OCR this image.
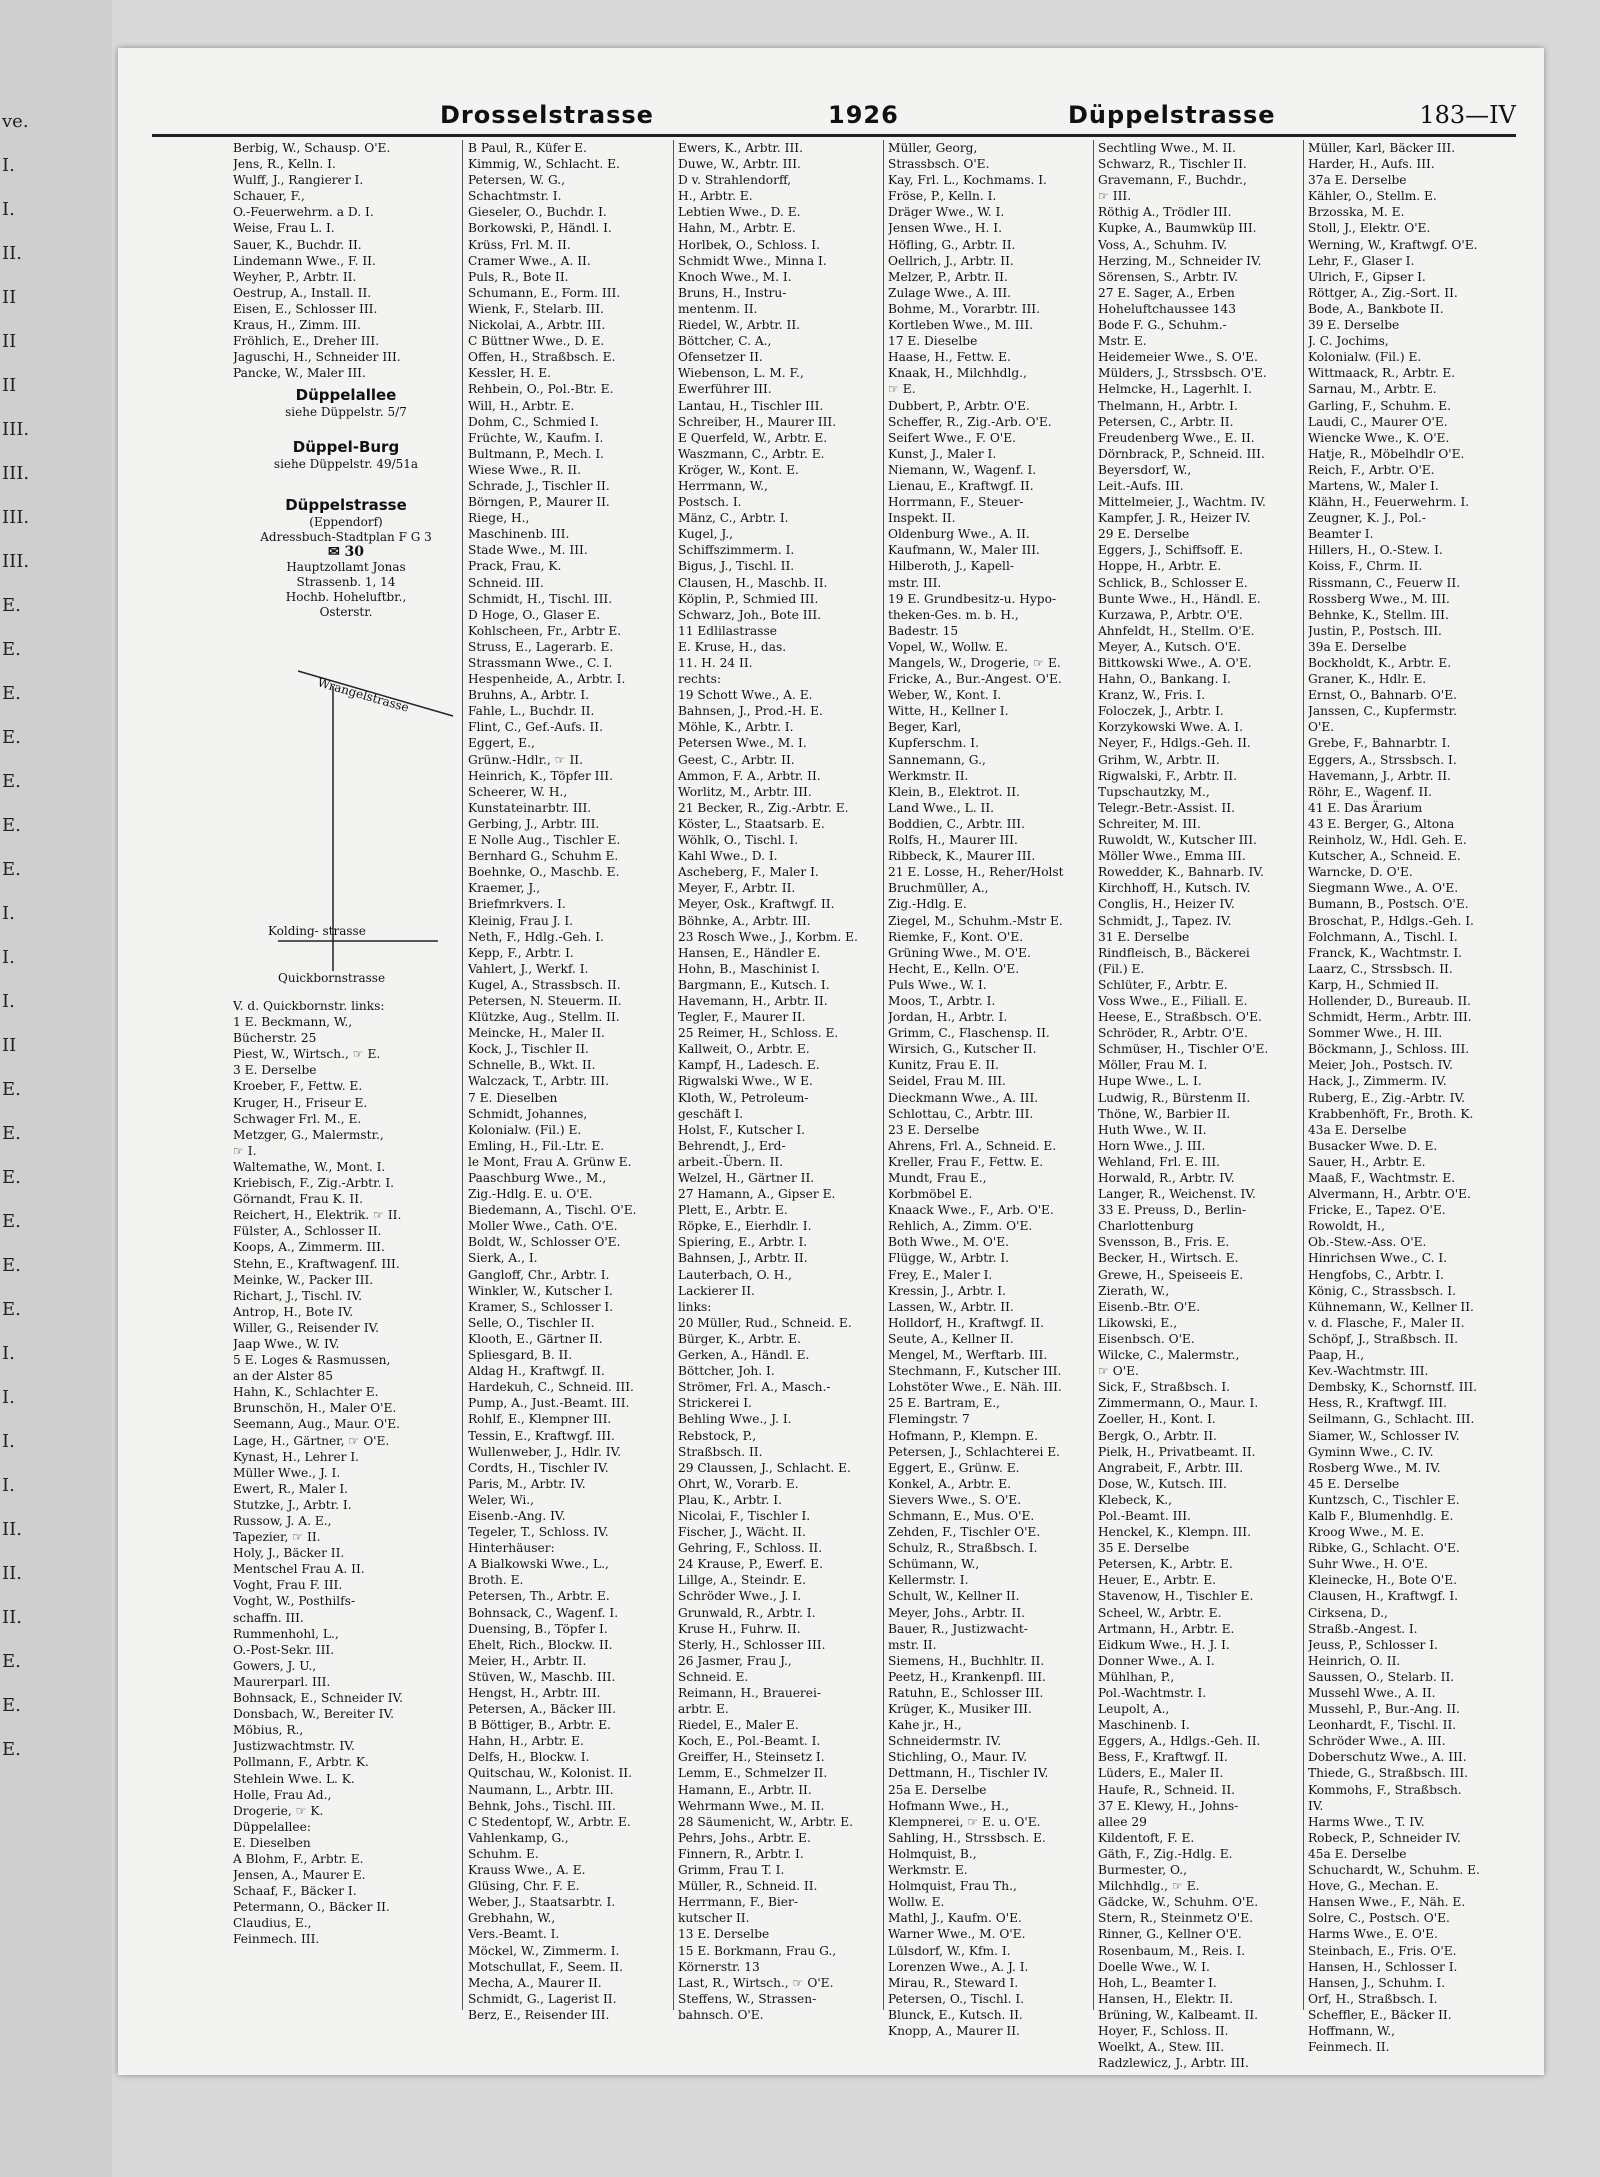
ve.
I.
I.
II.
II
II
II
III.
III.
III.
III.
E.
E.
E.
E.
E.
E.
E.
I.
I.
I.
II
E.
E.
E.
E.
E.
E.
I.
I.
I.
I.
II.
II.
II.
E.
E.
E.
Drosselstrasse	1926	Düppelstrasse	183—IV
Berbig, W., Schausp. O'E.
Jens, R., Kelln. I.
Wulff, J., Rangierer I.
Schauer, F.,
O.-Feuerwehrm. a D. I.
Weise, Frau L. I.
Sauer, K., Buchdr. II.
Lindemann Wwe., F. II.
Weyher, P., Arbtr. II.
Oestrup, A., Install. II.
Eisen, E., Schlosser III.
Kraus, H., Zimm. III.
Fröhlich, E., Dreher III.
Jaguschi, H., Schneider III.
Pancke, W., Maler III.
Düppelallee
siehe Düppelstr. 5/7
Düppel-Burg
siehe Düppelstr. 49/51a
Düppelstrasse
(Eppendorf)
Adressbuch-Stadtplan F G 3
✉ 30
Hauptzollamt Jonas
Strassenb. 1, 14
Hochb. Hoheluftbr.,
Osterstr.
Wrangelstrasse
Kolding- strasse
Quickbornstrasse
V. d. Quickbornstr. links:
1 E. Beckmann, W.,
Bücherstr. 25
Piest, W., Wirtsch., ☞ E.
3 E. Derselbe
Kroeber, F., Fettw. E.
Kruger, H., Friseur E.
Schwager Frl. M., E.
Metzger, G., Malermstr.,
☞ I.
Waltemathe, W., Mont. I.
Kriebisch, F., Zig.-Arbtr. I.
Görnandt, Frau K. II.
Reichert, H., Elektrik. ☞ II.
Fülster, A., Schlosser II.
Koops, A., Zimmerm. III.
Stehn, E., Kraftwagenf. III.
Meinke, W., Packer III.
Richart, J., Tischl. IV.
Antrop, H., Bote IV.
Willer, G., Reisender IV.
Jaap Wwe., W. IV.
5 E. Loges & Rasmussen,
an der Alster 85
Hahn, K., Schlachter E.
Brunschön, H., Maler O'E.
Seemann, Aug., Maur. O'E.
Lage, H., Gärtner, ☞ O'E.
Kynast, H., Lehrer I.
Müller Wwe., J. I.
Ewert, R., Maler I.
Stutzke, J., Arbtr. I.
Russow, J. A. E.,
Tapezier, ☞ II.
Holy, J., Bäcker II.
Mentschel Frau A. II.
Voght, Frau F. III.
Voght, W., Posthilfs-
schaffn. III.
Rummenhohl, L.,
O.-Post-Sekr. III.
Gowers, J. U.,
Maurerparl. III.
Bohnsack, E., Schneider IV.
Donsbach, W., Bereiter IV.
Möbius, R.,
Justizwachtmstr. IV.
Pollmann, F., Arbtr. K.
Stehlein Wwe. L. K.
Holle, Frau Ad.,
Drogerie, ☞ K.
Düppelallee:
E. Dieselben
A Blohm, F., Arbtr. E.
Jensen, A., Maurer E.
Schaaf, F., Bäcker I.
Petermann, O., Bäcker II.
Claudius, E.,
Feinmech. III.
B Paul, R., Küfer E.
Kimmig, W., Schlacht. E.
Petersen, W. G.,
Schachtmstr. I.
Gieseler, O., Buchdr. I.
Borkowski, P., Händl. I.
Krüss, Frl. M. II.
Cramer Wwe., A. II.
Puls, R., Bote II.
Schumann, E., Form. III.
Wienk, F., Stelarb. III.
Nickolai, A., Arbtr. III.
C Büttner Wwe., D. E.
Offen, H., Straßbsch. E.
Kessler, H. E.
Rehbein, O., Pol.-Btr. E.
Will, H., Arbtr. E.
Dohm, C., Schmied I.
Früchte, W., Kaufm. I.
Bultmann, P., Mech. I.
Wiese Wwe., R. II.
Schrade, J., Tischler II.
Börngen, P., Maurer II.
Riege, H.,
Maschinenb. III.
Stade Wwe., M. III.
Prack, Frau, K.
Schneid. III.
Schmidt, H., Tischl. III.
D Hoge, O., Glaser E.
Kohlscheen, Fr., Arbtr E.
Struss, E., Lagerarb. E.
Strassmann Wwe., C. I.
Hespenheide, A., Arbtr. I.
Bruhns, A., Arbtr. I.
Fahle, L., Buchdr. II.
Flint, C., Gef.-Aufs. II.
Eggert, E.,
Grünw.-Hdlr., ☞ II.
Heinrich, K., Töpfer III.
Scheerer, W. H.,
Kunstateinarbtr. III.
Gerbing, J., Arbtr. III.
E Nolle Aug., Tischler E.
Bernhard G., Schuhm E.
Boehnke, O., Maschb. E.
Kraemer, J.,
Briefmrkvers. I.
Kleinig, Frau J. I.
Neth, F., Hdlg.-Geh. I.
Kepp, F., Arbtr. I.
Vahlert, J., Werkf. I.
Kugel, A., Strassbsch. II.
Petersen, N. Steuerm. II.
Klützke, Aug., Stellm. II.
Meincke, H., Maler II.
Kock, J., Tischler II.
Schnelle, B., Wkt. II.
Walczack, T., Arbtr. III.
7 E. Dieselben
Schmidt, Johannes,
Kolonialw. (Fil.) E.
Emling, H., Fil.-Ltr. E.
le Mont, Frau A. Grünw E.
Paaschburg Wwe., M.,
Zig.-Hdlg. E. u. O'E.
Biedemann, A., Tischl. O'E.
Moller Wwe., Cath. O'E.
Boldt, W., Schlosser O'E.
Sierk, A., I.
Gangloff, Chr., Arbtr. I.
Winkler, W., Kutscher I.
Kramer, S., Schlosser I.
Selle, O., Tischler II.
Klooth, E., Gärtner II.
Spliesgard, B. II.
Aldag H., Kraftwgf. II.
Hardekuh, C., Schneid. III.
Pump, A., Just.-Beamt. III.
Rohlf, E., Klempner III.
Tessin, E., Kraftwgf. III.
Wullenweber, J., Hdlr. IV.
Cordts, H., Tischler IV.
Paris, M., Arbtr. IV.
Weler, Wi.,
Eisenb.-Ang. IV.
Tegeler, T., Schloss. IV.
Hinterhäuser:
A Bialkowski Wwe., L.,
Broth. E.
Petersen, Th., Arbtr. E.
Bohnsack, C., Wagenf. I.
Duensing, B., Töpfer I.
Ehelt, Rich., Blockw. II.
Meier, H., Arbtr. II.
Stüven, W., Maschb. III.
Hengst, H., Arbtr. III.
Petersen, A., Bäcker III.
B Böttiger, B., Arbtr. E.
Hahn, H., Arbtr. E.
Delfs, H., Blockw. I.
Quitschau, W., Kolonist. II.
Naumann, L., Arbtr. III.
Behnk, Johs., Tischl. III.
C Stedentopf, W., Arbtr. E.
Vahlenkamp, G.,
Schuhm. E.
Krauss Wwe., A. E.
Glüsing, Chr. F. E.
Weber, J., Staatsarbtr. I.
Grebhahn, W.,
Vers.-Beamt. I.
Möckel, W., Zimmerm. I.
Motschullat, F., Seem. II.
Mecha, A., Maurer II.
Schmidt, G., Lagerist II.
Berz, E., Reisender III.
Ewers, K., Arbtr. III.
Duwe, W., Arbtr. III.
D v. Strahlendorff,
H., Arbtr. E.
Lebtien Wwe., D. E.
Hahn, M., Arbtr. E.
Horlbek, O., Schloss. I.
Schmidt Wwe., Minna I.
Knoch Wwe., M. I.
Bruns, H., Instru-
mentenm. II.
Riedel, W., Arbtr. II.
Böttcher, C. A.,
Ofensetzer II.
Wiebenson, L. M. F.,
Ewerführer III.
Lantau, H., Tischler III.
Schreiber, H., Maurer III.
E Querfeld, W., Arbtr. E.
Waszmann, C., Arbtr. E.
Kröger, W., Kont. E.
Herrmann, W.,
Postsch. I.
Mänz, C., Arbtr. I.
Kugel, J.,
Schiffszimmerm. I.
Bigus, J., Tischl. II.
Clausen, H., Maschb. II.
Köplin, P., Schmied III.
Schwarz, Joh., Bote III.
11 Edlilastrasse
E. Kruse, H., das.
11. H. 24 II.
rechts:
19 Schott Wwe., A. E.
Bahnsen, J., Prod.-H. E.
Möhle, K., Arbtr. I.
Petersen Wwe., M. I.
Geest, C., Arbtr. II.
Ammon, F. A., Arbtr. II.
Worlitz, M., Arbtr. III.
21 Becker, R., Zig.-Arbtr. E.
Köster, L., Staatsarb. E.
Wöhlk, O., Tischl. I.
Kahl Wwe., D. I.
Ascheberg, F., Maler I.
Meyer, F., Arbtr. II.
Meyer, Osk., Kraftwgf. II.
Böhnke, A., Arbtr. III.
23 Rosch Wwe., J., Korbm. E.
Hansen, E., Händler E.
Hohn, B., Maschinist I.
Bargmann, E., Kutsch. I.
Havemann, H., Arbtr. II.
Tegler, F., Maurer II.
25 Reimer, H., Schloss. E.
Kallweit, O., Arbtr. E.
Kampf, H., Ladesch. E.
Rigwalski Wwe., W E.
Kloth, W., Petroleum-
geschäft I.
Holst, F., Kutscher I.
Behrendt, J., Erd-
arbeit.-Übern. II.
Welzel, H., Gärtner II.
27 Hamann, A., Gipser E.
Plett, E., Arbtr. E.
Röpke, E., Eierhdlr. I.
Spiering, E., Arbtr. I.
Bahnsen, J., Arbtr. II.
Lauterbach, O. H.,
Lackierer II.
links:
20 Müller, Rud., Schneid. E.
Bürger, K., Arbtr. E.
Gerken, A., Händl. E.
Böttcher, Joh. I.
Strömer, Frl. A., Masch.-
Strickerei I.
Behling Wwe., J. I.
Rebstock, P.,
Straßbsch. II.
29 Claussen, J., Schlacht. E.
Ohrt, W., Vorarb. E.
Plau, K., Arbtr. I.
Nicolai, F., Tischler I.
Fischer, J., Wächt. II.
Gehring, F., Schloss. II.
24 Krause, P., Ewerf. E.
Lillge, A., Steindr. E.
Schröder Wwe., J. I.
Grunwald, R., Arbtr. I.
Kruse H., Fuhrw. II.
Sterly, H., Schlosser III.
26 Jasmer, Frau J.,
Schneid. E.
Reimann, H., Brauerei-
arbtr. E.
Riedel, E., Maler E.
Koch, E., Pol.-Beamt. I.
Greiffer, H., Steinsetz I.
Lemm, E., Schmelzer II.
Hamann, E., Arbtr. II.
Wehrmann Wwe., M. II.
28 Säumenicht, W., Arbtr. E.
Pehrs, Johs., Arbtr. E.
Finnern, R., Arbtr. I.
Grimm, Frau T. I.
Müller, R., Schneid. II.
Herrmann, F., Bier-
kutscher II.
13 E. Derselbe
15 E. Borkmann, Frau G.,
Körnerstr. 13
Last, R., Wirtsch., ☞ O'E.
Steffens, W., Strassen-
bahnsch. O'E.
Müller, Georg,
Strassbsch. O'E.
Kay, Frl. L., Kochmams. I.
Fröse, P., Kelln. I.
Dräger Wwe., W. I.
Jensen Wwe., H. I.
Höfling, G., Arbtr. II.
Oellrich, J., Arbtr. II.
Melzer, P., Arbtr. II.
Zulage Wwe., A. III.
Bohme, M., Vorarbtr. III.
Kortleben Wwe., M. III.
17 E. Dieselbe
Haase, H., Fettw. E.
Knaak, H., Milchhdlg.,
☞ E.
Dubbert, P., Arbtr. O'E.
Scheffer, R., Zig.-Arb. O'E.
Seifert Wwe., F. O'E.
Kunst, J., Maler I.
Niemann, W., Wagenf. I.
Lienau, E., Kraftwgf. II.
Horrmann, F., Steuer-
Inspekt. II.
Oldenburg Wwe., A. II.
Kaufmann, W., Maler III.
Hilberoth, J., Kapell-
mstr. III.
19 E. Grundbesitz-u. Hypo-
theken-Ges. m. b. H.,
Badestr. 15
Vopel, W., Wollw. E.
Mangels, W., Drogerie, ☞ E.
Fricke, A., Bur.-Angest. O'E.
Weber, W., Kont. I.
Witte, H., Kellner I.
Beger, Karl,
Kupferschm. I.
Sannemann, G.,
Werkmstr. II.
Klein, B., Elektrot. II.
Land Wwe., L. II.
Boddien, C., Arbtr. III.
Rolfs, H., Maurer III.
Ribbeck, K., Maurer III.
21 E. Losse, H., Reher/Holst
Bruchmüller, A.,
Zig.-Hdlg. E.
Ziegel, M., Schuhm.-Mstr E.
Riemke, F., Kont. O'E.
Grüning Wwe., M. O'E.
Hecht, E., Kelln. O'E.
Puls Wwe., W. I.
Moos, T., Arbtr. I.
Jordan, H., Arbtr. I.
Grimm, C., Flaschensp. II.
Wirsich, G., Kutscher II.
Kunitz, Frau E. II.
Seidel, Frau M. III.
Dieckmann Wwe., A. III.
Schlottau, C., Arbtr. III.
23 E. Derselbe
Ahrens, Frl. A., Schneid. E.
Kreller, Frau F., Fettw. E.
Mundt, Frau E.,
Korbmöbel E.
Knaack Wwe., F., Arb. O'E.
Rehlich, A., Zimm. O'E.
Both Wwe., M. O'E.
Flügge, W., Arbtr. I.
Frey, E., Maler I.
Kressin, J., Arbtr. I.
Lassen, W., Arbtr. II.
Holldorf, H., Kraftwgf. II.
Seute, A., Kellner II.
Mengel, M., Werftarb. III.
Stechmann, F., Kutscher III.
Lohstöter Wwe., E. Näh. III.
25 E. Bartram, E.,
Flemingstr. 7
Hofmann, P., Klempn. E.
Petersen, J., Schlachterei E.
Eggert, E., Grünw. E.
Konkel, A., Arbtr. E.
Sievers Wwe., S. O'E.
Schmann, E., Mus. O'E.
Zehden, F., Tischler O'E.
Schulz, R., Straßbsch. I.
Schümann, W.,
Kellermstr. I.
Schult, W., Kellner II.
Meyer, Johs., Arbtr. II.
Bauer, R., Justizwacht-
mstr. II.
Siemens, H., Buchhltr. II.
Peetz, H., Krankenpfl. III.
Ratuhn, E., Schlosser III.
Krüger, K., Musiker III.
Kahe jr., H.,
Schneidermstr. IV.
Stichling, O., Maur. IV.
Dettmann, H., Tischler IV.
25a E. Derselbe
Hofmann Wwe., H.,
Klempnerei, ☞ E. u. O'E.
Sahling, H., Strssbsch. E.
Holmquist, B.,
Werkmstr. E.
Holmquist, Frau Th.,
Wollw. E.
Mathl, J., Kaufm. O'E.
Warner Wwe., M. O'E.
Lülsdorf, W., Kfm. I.
Lorenzen Wwe., A. J. I.
Mirau, R., Steward I.
Petersen, O., Tischl. I.
Blunck, E., Kutsch. II.
Knopp, A., Maurer II.
Sechtling Wwe., M. II.
Schwarz, R., Tischler II.
Gravemann, F., Buchdr.,
☞ III.
Röthig A., Trödler III.
Kupke, A., Baumwküp III.
Voss, A., Schuhm. IV.
Herzing, M., Schneider IV.
Sörensen, S., Arbtr. IV.
27 E. Sager, A., Erben
Hoheluftchaussee 143
Bode F. G., Schuhm.-
Mstr. E.
Heidemeier Wwe., S. O'E.
Mülders, J., Strssbsch. O'E.
Helmcke, H., Lagerhlt. I.
Thelmann, H., Arbtr. I.
Petersen, C., Arbtr. II.
Freudenberg Wwe., E. II.
Dörnbrack, P., Schneid. III.
Beyersdorf, W.,
Leit.-Aufs. III.
Mittelmeier, J., Wachtm. IV.
Kampfer, J. R., Heizer IV.
29 E. Derselbe
Eggers, J., Schiffsoff. E.
Hoppe, H., Arbtr. E.
Schlick, B., Schlosser E.
Bunte Wwe., H., Händl. E.
Kurzawa, P., Arbtr. O'E.
Ahnfeldt, H., Stellm. O'E.
Meyer, A., Kutsch. O'E.
Bittkowski Wwe., A. O'E.
Hahn, O., Bankang. I.
Kranz, W., Fris. I.
Foloczek, J., Arbtr. I.
Korzykowski Wwe. A. I.
Neyer, F., Hdlgs.-Geh. II.
Grihm, W., Arbtr. II.
Rigwalski, F., Arbtr. II.
Tupschautzky, M.,
Telegr.-Betr.-Assist. II.
Schreiter, M. III.
Ruwoldt, W., Kutscher III.
Möller Wwe., Emma III.
Rowedder, K., Bahnarb. IV.
Kirchhoff, H., Kutsch. IV.
Conglis, H., Heizer IV.
Schmidt, J., Tapez. IV.
31 E. Derselbe
Rindfleisch, B., Bäckerei
(Fil.) E.
Schlüter, F., Arbtr. E.
Voss Wwe., E., Filiall. E.
Heese, E., Straßbsch. O'E.
Schröder, R., Arbtr. O'E.
Schmüser, H., Tischler O'E.
Möller, Frau M. I.
Hupe Wwe., L. I.
Ludwig, R., Bürstenm II.
Thöne, W., Barbier II.
Huth Wwe., W. II.
Horn Wwe., J. III.
Wehland, Frl. E. III.
Horwald, R., Arbtr. IV.
Langer, R., Weichenst. IV.
33 E. Preuss, D., Berlin-
Charlottenburg
Svensson, B., Fris. E.
Becker, H., Wirtsch. E.
Grewe, H., Speiseeis E.
Zierath, W.,
Eisenb.-Btr. O'E.
Likowski, E.,
Eisenbsch. O'E.
Wilcke, C., Malermstr.,
☞ O'E.
Sick, F., Straßbsch. I.
Zimmermann, O., Maur. I.
Zoeller, H., Kont. I.
Bergk, O., Arbtr. II.
Pielk, H., Privatbeamt. II.
Angrabeit, F., Arbtr. III.
Dose, W., Kutsch. III.
Klebeck, K.,
Pol.-Beamt. III.
Henckel, K., Klempn. III.
35 E. Derselbe
Petersen, K., Arbtr. E.
Heuer, E., Arbtr. E.
Stavenow, H., Tischler E.
Scheel, W., Arbtr. E.
Artmann, H., Arbtr. E.
Eidkum Wwe., H. J. I.
Donner Wwe., A. I.
Mühlhan, P.,
Pol.-Wachtmstr. I.
Leupolt, A.,
Maschinenb. I.
Eggers, A., Hdlgs.-Geh. II.
Bess, F., Kraftwgf. II.
Lüders, E., Maler II.
Haufe, R., Schneid. II.
37 E. Klewy, H., Johns-
allee 29
Kildentoft, F. E.
Gäth, F., Zig.-Hdlg. E.
Burmester, O.,
Milchhdlg., ☞ E.
Gädcke, W., Schuhm. O'E.
Stern, R., Steinmetz O'E.
Rinner, G., Kellner O'E.
Rosenbaum, M., Reis. I.
Doelle Wwe., W. I.
Hoh, L., Beamter I.
Hansen, H., Elektr. II.
Brüning, W., Kalbeamt. II.
Hoyer, F., Schloss. II.
Woelkt, A., Stew. III.
Radzlewicz, J., Arbtr. III.
Müller, Karl, Bäcker III.
Harder, H., Aufs. III.
37a E. Derselbe
Kähler, O., Stellm. E.
Brzosska, M. E.
Stoll, J., Elektr. O'E.
Werning, W., Kraftwgf. O'E.
Lehr, F., Glaser I.
Ulrich, F., Gipser I.
Röttger, A., Zig.-Sort. II.
Bode, A., Bankbote II.
39 E. Derselbe
J. C. Jochims,
Kolonialw. (Fil.) E.
Wittmaack, R., Arbtr. E.
Sarnau, M., Arbtr. E.
Garling, F., Schuhm. E.
Laudi, C., Maurer O'E.
Wiencke Wwe., K. O'E.
Hatje, R., Möbelhdlr O'E.
Reich, F., Arbtr. O'E.
Martens, W., Maler I.
Klähn, H., Feuerwehrm. I.
Zeugner, K. J., Pol.-
Beamter I.
Hillers, H., O.-Stew. I.
Koiss, F., Chrm. II.
Rissmann, C., Feuerw II.
Rossberg Wwe., M. III.
Behnke, K., Stellm. III.
Justin, P., Postsch. III.
39a E. Derselbe
Bockholdt, K., Arbtr. E.
Graner, K., Hdlr. E.
Ernst, O., Bahnarb. O'E.
Janssen, C., Kupfermstr.
O'E.
Grebe, F., Bahnarbtr. I.
Eggers, A., Strssbsch. I.
Havemann, J., Arbtr. II.
Röhr, E., Wagenf. II.
41 E. Das Ärarium
43 E. Berger, G., Altona
Reinholz, W., Hdl. Geh. E.
Kutscher, A., Schneid. E.
Warncke, D. O'E.
Siegmann Wwe., A. O'E.
Bumann, B., Postsch. O'E.
Broschat, P., Hdlgs.-Geh. I.
Folchmann, A., Tischl. I.
Franck, K., Wachtmstr. I.
Laarz, C., Strssbsch. II.
Karp, H., Schmied II.
Hollender, D., Bureaub. II.
Schmidt, Herm., Arbtr. III.
Sommer Wwe., H. III.
Böckmann, J., Schloss. III.
Meier, Joh., Postsch. IV.
Hack, J., Zimmerm. IV.
Ruberg, E., Zig.-Arbtr. IV.
Krabbenhöft, Fr., Broth. K.
43a E. Derselbe
Busacker Wwe. D. E.
Sauer, H., Arbtr. E.
Maaß, F., Wachtmstr. E.
Alvermann, H., Arbtr. O'E.
Fricke, E., Tapez. O'E.
Rowoldt, H.,
Ob.-Stew.-Ass. O'E.
Hinrichsen Wwe., C. I.
Hengfobs, C., Arbtr. I.
König, C., Strassbsch. I.
Kühnemann, W., Kellner II.
v. d. Flasche, F., Maler II.
Schöpf, J., Straßbsch. II.
Paap, H.,
Kev.-Wachtmstr. III.
Dembsky, K., Schornstf. III.
Hess, R., Kraftwgf. III.
Seilmann, G., Schlacht. III.
Siamer, W., Schlosser IV.
Gyminn Wwe., C. IV.
Rosberg Wwe., M. IV.
45 E. Derselbe
Kuntzsch, C., Tischler E.
Kalb F., Blumenhdlg. E.
Kroog Wwe., M. E.
Ribke, G., Schlacht. O'E.
Suhr Wwe., H. O'E.
Kleinecke, H., Bote O'E.
Clausen, H., Kraftwgf. I.
Cirksena, D.,
Straßb.-Angest. I.
Jeuss, P., Schlosser I.
Heinrich, O. II.
Saussen, O., Stelarb. II.
Mussehl Wwe., A. II.
Mussehl, P., Bur.-Ang. II.
Leonhardt, F., Tischl. II.
Schröder Wwe., A. III.
Doberschutz Wwe., A. III.
Thiede, G., Straßbsch. III.
Kommohs, F., Straßbsch.
IV.
Harms Wwe., T. IV.
Robeck, P., Schneider IV.
45a E. Derselbe
Schuchardt, W., Schuhm. E.
Hove, G., Mechan. E.
Hansen Wwe., F., Näh. E.
Solre, C., Postsch. O'E.
Harms Wwe., E. O'E.
Steinbach, E., Fris. O'E.
Hansen, H., Schlosser I.
Hansen, J., Schuhm. I.
Orf, H., Straßbsch. I.
Scheffler, E., Bäcker II.
Hoffmann, W.,
Feinmech. II.
